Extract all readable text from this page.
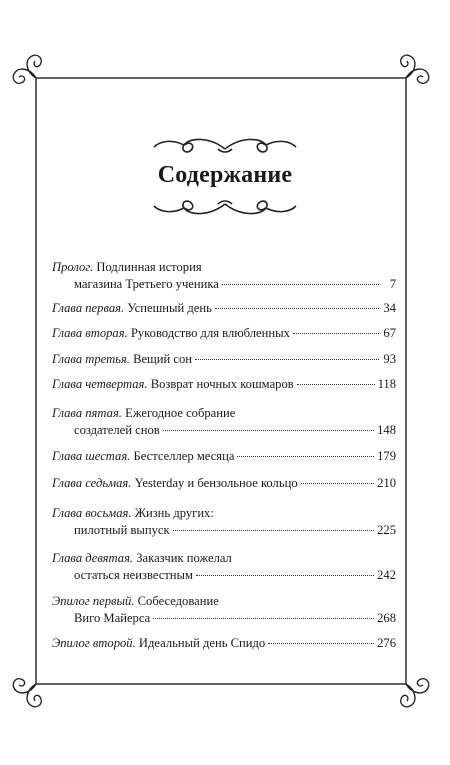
Содержание
Пролог.
Подлинная история
магазина Третьего ученика	7
Глава первая.
Успешный день	34
Глава вторая.
Руководство для влюбленных	67
Глава третья.
Вещий сон	93
Глава четвертая.
Возврат ночных кошмаров	118
Глава пятая.
Ежегодное собрание
создателей снов	148
Глава шестая.
Бестселлер месяца	179
Глава седьмая.
Yesterday и бензольное кольцо	210
Глава восьмая.
Жизнь других:
пилотный выпуск	225
Глава девятая.
Заказчик пожелал
остаться неизвестным	242
Эпилог первый.
Собеседование
Виго Майерса	268
Эпилог второй.
Идеальный день Спидо	276
